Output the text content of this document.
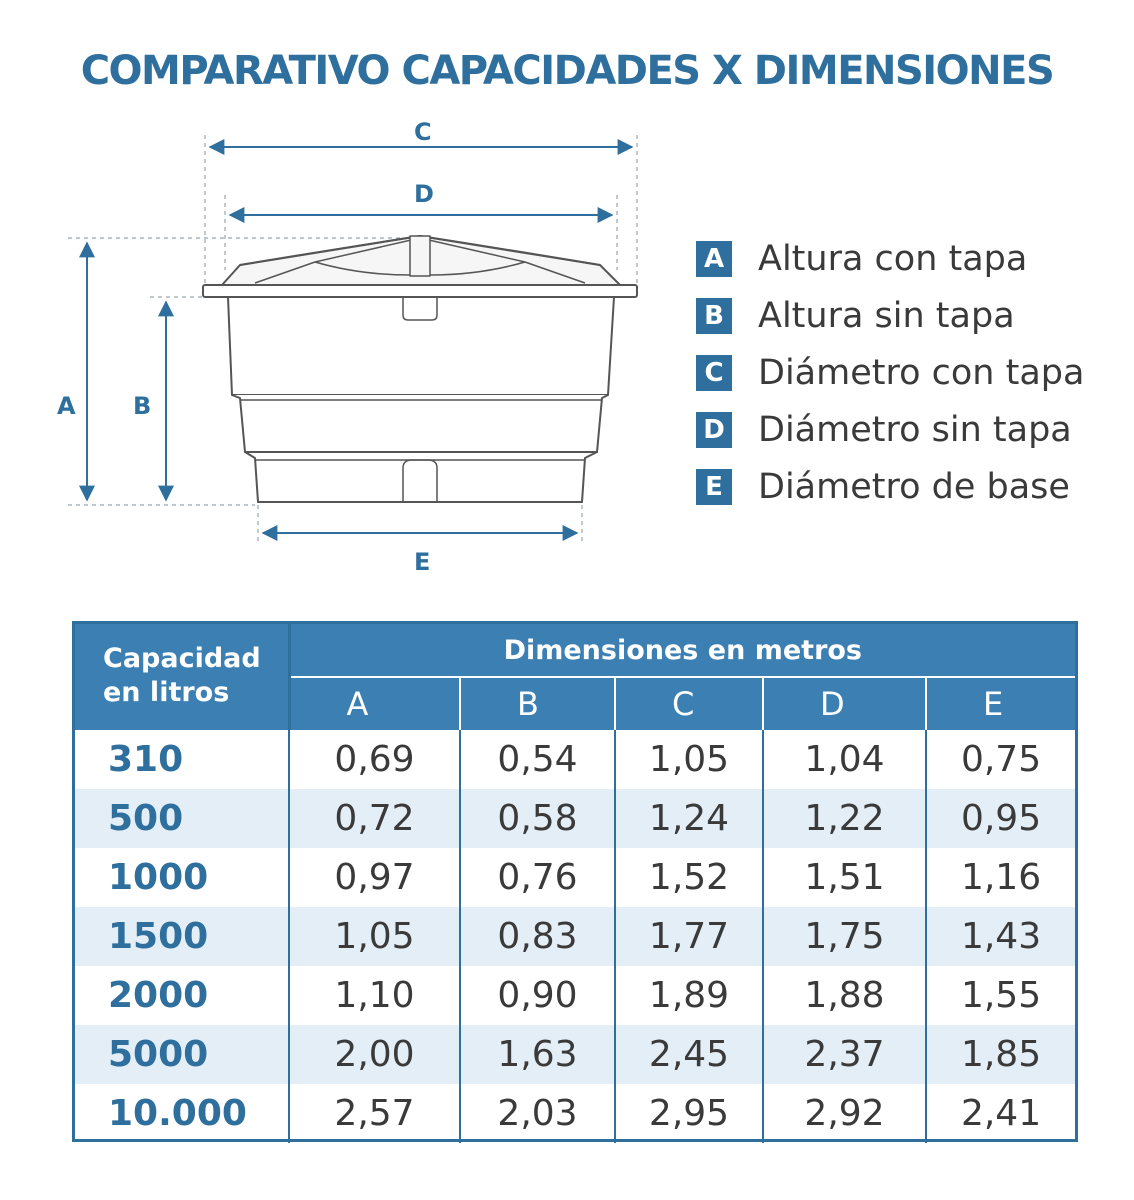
COMPARATIVO CAPACIDADES X DIMENSIONES
C
D
A B
E
A Altura con tapa
B Altura sin tapa
C Diámetro con tapa
D Diámetro sin tapa
E Diámetro de base
Capacidad
en litros	Dimensiones en metros				
	A	B	C	D	E
310	0,69	0,54	1,05	1,04	0,75
500	0,72	0,58	1,24	1,22	0,95
1000	0,97	0,76	1,52	1,51	1,16
1500	1,05	0,83	1,77	1,75	1,43
2000	1,10	0,90	1,89	1,88	1,55
5000	2,00	1,63	2,45	2,37	1,85
10.000	2,57	2,03	2,95	2,92	2,41
